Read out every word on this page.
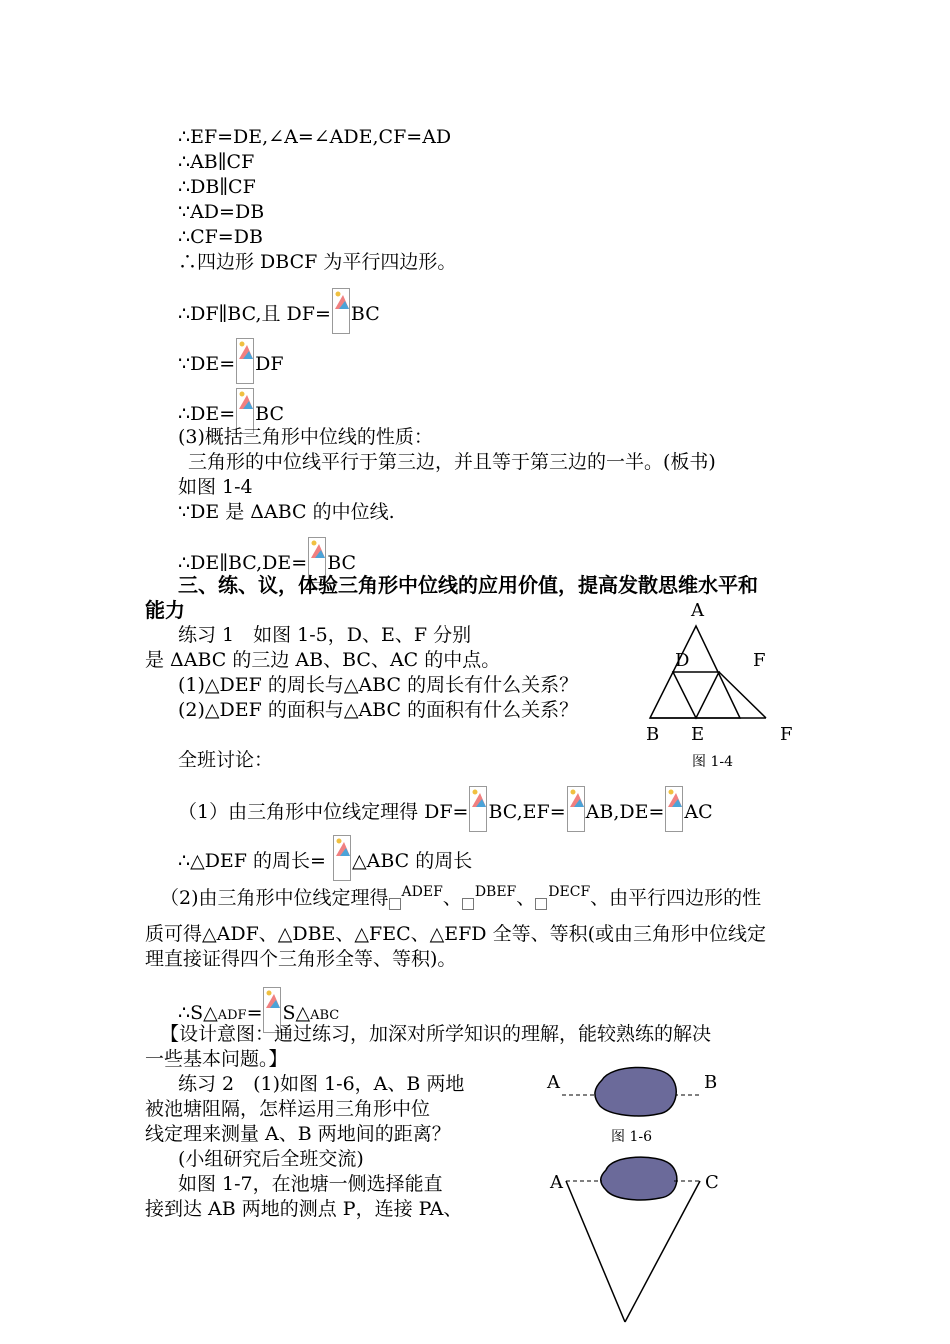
∴EF=DE,∠A=∠ADE,CF=AD
∴AB∥CF
∴DB∥CF
∵AD=DB
∴CF=DB
∴四边形 DBCF 为平行四边形。
∴DF∥BC,且 DF= BC
∵DE= DF
∴DE= BC
(3)概括三角形中位线的性质：
三角形的中位线平行于第三边，并且等于第三边的一半。(板书)
如图 1-4
∵DE 是 ΔABC 的中位线.
∴DE∥BC,DE= BC
三、练、议，体验三角形中位线的应用价值，提高发散思维水平和
能力
练习 1　如图 1-5，D、E、F 分别
是 ΔABC 的三边 AB、BC、AC 的中点。
(1)△DEF 的周长与△ABC 的周长有什么关系？
(2)△DEF 的面积与△ABC 的面积有什么关系？
全班讨论：
（1）由三角形中位线定理得 DF= BC,EF= AB,DE= AC
∴△DEF 的周长=
△ABC 的周长
（2)由三角形中位线定理得 $^{ADEF}$、 $^{DBEF}$、 $^{DECF}$、由平行四边形的性
质可得△ADF、△DBE、△FEC、△EFD 全等、等积(或由三角形中位线定
理直接证得四个三角形全等、等积)。
∴S△ADF= S△ABC
【设计意图：通过练习，加深对所学知识的理解，能较熟练的解决
一些基本问题。】
练习 2　(1)如图 1-6，A、B 两地
被池塘阻隔，怎样运用三角形中位
线定理来测量 A、B 两地间的距离？
(小组研究后全班交流)
如图 1-7，在池塘一侧选择能直
接到达 AB 两地的测点 P，连接 PA、
A
D	F
B E	F
图 1-4
A	B
图 1-6
A	C
